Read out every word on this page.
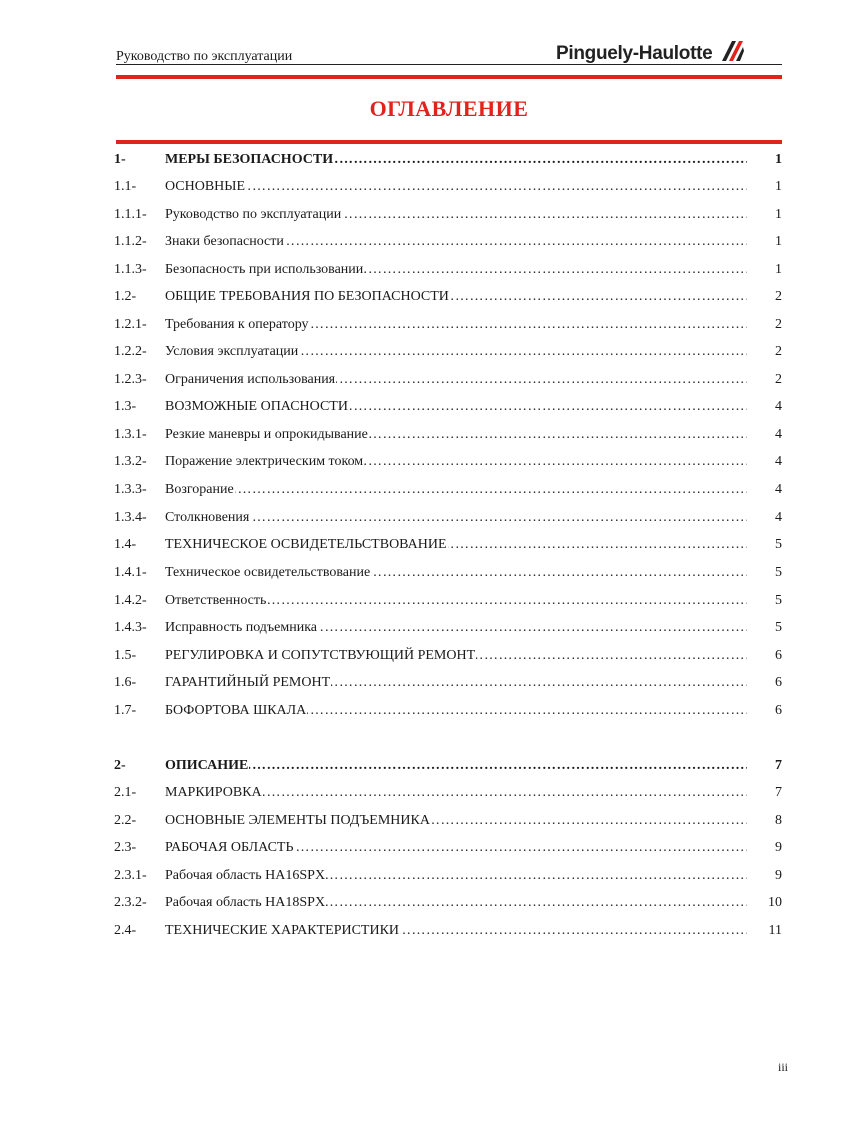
Руководство по эксплуатации	Pinguely-Haulotte
ОГЛАВЛЕНИЕ
1-	МЕРЫ БЕЗОПАСНОСТИ ………………………………………………………………………………………………………………………………………………………………………………………	1
1.1-	ОСНОВНЫЕ ………………………………………………………………………………………………………………………………………………………………………………………	1
1.1.1-	Руководство по эксплуатации ………………………………………………………………………………………………………………………………………………………………………………………	1
1.1.2-	Знаки безопасности ………………………………………………………………………………………………………………………………………………………………………………………	1
1.1.3-	Безопасность при использовании ………………………………………………………………………………………………………………………………………………………………………………………	1
1.2-	ОБЩИЕ ТРЕБОВАНИЯ ПО БЕЗОПАСНОСТИ ………………………………………………………………………………………………………………………………………………………………………………………	2
1.2.1-	Требования к оператору ………………………………………………………………………………………………………………………………………………………………………………………	2
1.2.2-	Условия эксплуатации ………………………………………………………………………………………………………………………………………………………………………………………	2
1.2.3-	Ограничения использования ………………………………………………………………………………………………………………………………………………………………………………………	2
1.3-	ВОЗМОЖНЫЕ ОПАСНОСТИ ………………………………………………………………………………………………………………………………………………………………………………………	4
1.3.1-	Резкие маневры и опрокидывание ………………………………………………………………………………………………………………………………………………………………………………………	4
1.3.2-	Поражение электрическим током ………………………………………………………………………………………………………………………………………………………………………………………	4
1.3.3-	Возгорание ………………………………………………………………………………………………………………………………………………………………………………………	4
1.3.4-	Столкновения ………………………………………………………………………………………………………………………………………………………………………………………	4
1.4-	ТЕХНИЧЕСКОЕ ОСВИДЕТЕЛЬСТВОВАНИЕ ………………………………………………………………………………………………………………………………………………………………………………………	5
1.4.1-	Техническое освидетельствование ………………………………………………………………………………………………………………………………………………………………………………………	5
1.4.2-	Ответственность ………………………………………………………………………………………………………………………………………………………………………………………	5
1.4.3-	Исправность подъемника ………………………………………………………………………………………………………………………………………………………………………………………	5
1.5-	РЕГУЛИРОВКА И СОПУТСТВУЮЩИЙ РЕМОНТ ………………………………………………………………………………………………………………………………………………………………………………………	6
1.6-	ГАРАНТИЙНЫЙ РЕМОНТ ………………………………………………………………………………………………………………………………………………………………………………………	6
1.7-	БОФОРТОВА ШКАЛА ………………………………………………………………………………………………………………………………………………………………………………………	6
2-	ОПИСАНИЕ ………………………………………………………………………………………………………………………………………………………………………………………	7
2.1-	МАРКИРОВКА ………………………………………………………………………………………………………………………………………………………………………………………	7
2.2-	ОСНОВНЫЕ ЭЛЕМЕНТЫ ПОДЪЕМНИКА ………………………………………………………………………………………………………………………………………………………………………………………	8
2.3-	РАБОЧАЯ ОБЛАСТЬ ………………………………………………………………………………………………………………………………………………………………………………………	9
2.3.1-	Рабочая область HA16SPX ………………………………………………………………………………………………………………………………………………………………………………………	9
2.3.2-	Рабочая область HA18SPX ………………………………………………………………………………………………………………………………………………………………………………………	10
2.4-	ТЕХНИЧЕСКИЕ ХАРАКТЕРИСТИКИ ………………………………………………………………………………………………………………………………………………………………………………………	11
iii
